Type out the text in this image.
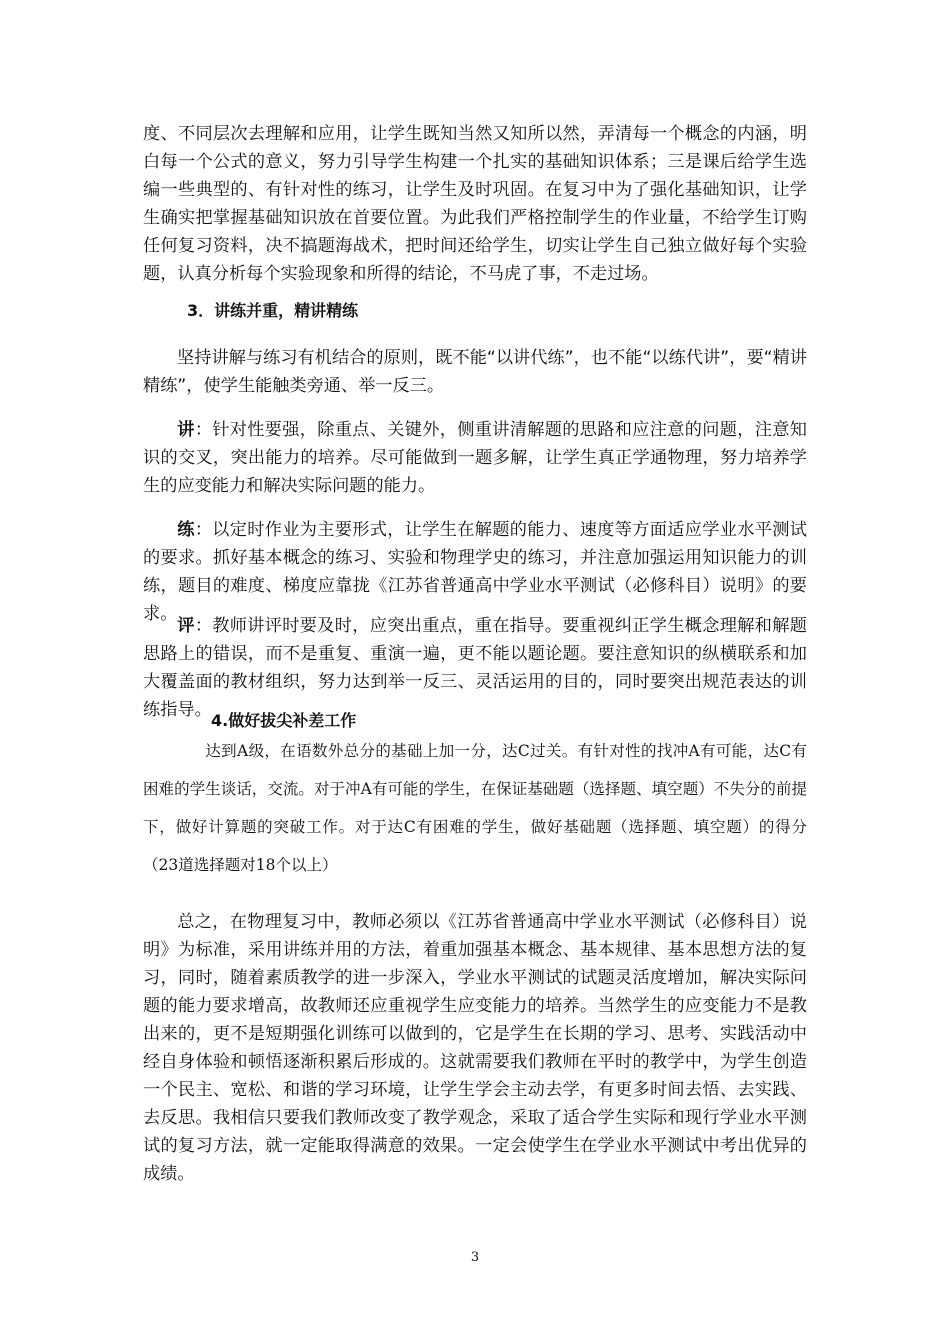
度、不同层次去理解和应用，让学生既知当然又知所以然，弄清每一个概念的内涵，明白每一个公式的意义，努力引导学生构建一个扎实的基础知识体系；三是课后给学生选编一些典型的、有针对性的练习，让学生及时巩固。在复习中为了强化基础知识，让学生确实把掌握基础知识放在首要位置。为此我们严格控制学生的作业量，不给学生订购任何复习资料，决不搞题海战术，把时间还给学生，切实让学生自己独立做好每个实验题，认真分析每个实验现象和所得的结论，不马虎了事，不走过场。

3．讲练并重，精讲精练

坚持讲解与练习有机结合的原则，既不能“以讲代练”，也不能“以练代讲”，要“精讲精练”，使学生能触类旁通、举一反三。

讲：针对性要强，除重点、关键外，侧重讲清解题的思路和应注意的问题，注意知识的交叉，突出能力的培养。尽可能做到一题多解，让学生真正学通物理，努力培养学生的应变能力和解决实际问题的能力。

练：以定时作业为主要形式，让学生在解题的能力、速度等方面适应学业水平测试的要求。抓好基本概念的练习、实验和物理学史的练习，并注意加强运用知识能力的训练，题目的难度、梯度应靠拢《江苏省普通高中学业水平测试（必修科目）说明》的要求。

评：教师讲评时要及时，应突出重点，重在指导。要重视纠正学生概念理解和解题思路上的错误，而不是重复、重演一遍，更不能以题论题。要注意知识的纵横联系和加大覆盖面的教材组织，努力达到举一反三、灵活运用的目的，同时要突出规范表达的训练指导。

4.做好拔尖补差工作

达到A级，在语数外总分的基础上加一分，达C过关。有针对性的找冲A有可能，达C有困难的学生谈话，交流。对于冲A有可能的学生，在保证基础题（选择题、填空题）不失分的前提下，做好计算题的突破工作。对于达C有困难的学生，做好基础题（选择题、填空题）的得分（23道选择题对18个以上）

总之，在物理复习中，教师必须以《江苏省普通高中学业水平测试（必修科目）说明》为标准，采用讲练并用的方法，着重加强基本概念、基本规律、基本思想方法的复习，同时，随着素质教学的进一步深入，学业水平测试的试题灵活度增加，解决实际问题的能力要求增高，故教师还应重视学生应变能力的培养。当然学生的应变能力不是教出来的，更不是短期强化训练可以做到的，它是学生在长期的学习、思考、实践活动中经自身体验和顿悟逐渐积累后形成的。这就需要我们教师在平时的教学中，为学生创造一个民主、宽松、和谐的学习环境，让学生学会主动去学，有更多时间去悟、去实践、去反思。我相信只要我们教师改变了教学观念，采取了适合学生实际和现行学业水平测试的复习方法，就一定能取得满意的效果。一定会使学生在学业水平测试中考出优异的成绩。

3
